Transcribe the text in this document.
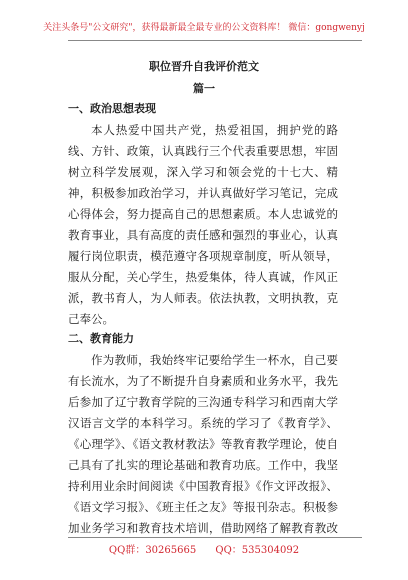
关注头条号"公文研究"，获得最新最全最专业的公文资料库！ 微信：gongwenyj
职位晋升自我评价范文
篇一
一、政治思想表现
本人热爱中国共产党，热爱祖国，拥护党的路线、方针、政策，认真践行三个代表重要思想，牢固树立科学发展观，深入学习和领会党的十七大、精神，积极参加政治学习，并认真做好学习笔记，完成心得体会，努力提高自己的思想素质。本人忠诚党的教育事业，具有高度的责任感和强烈的事业心，认真履行岗位职责，模范遵守各项规章制度，听从领导，服从分配，关心学生，热爱集体，待人真诚，作风正派，教书育人，为人师表。依法执教，文明执教，克己奉公。
二、教育能力
作为教师，我始终牢记要给学生一杯水，自己要有长流水，为了不断提升自身素质和业务水平，我先后参加了辽宁教育学院的三沟通专科学习和西南大学汉语言文学的本科学习。系统的学习了《教育学》、《心理学》、《语文教材教法》等教育教学理论，使自己具有了扎实的理论基础和教育功底。工作中，我坚持利用业余时间阅读《中国教育报》《作文评改报》、《语文学习报》、《班主任之友》等报刊杂志。积极参加业务学习和教育技术培训，借助网络了解教育教改
QQ群：30265665 QQ：535304092
